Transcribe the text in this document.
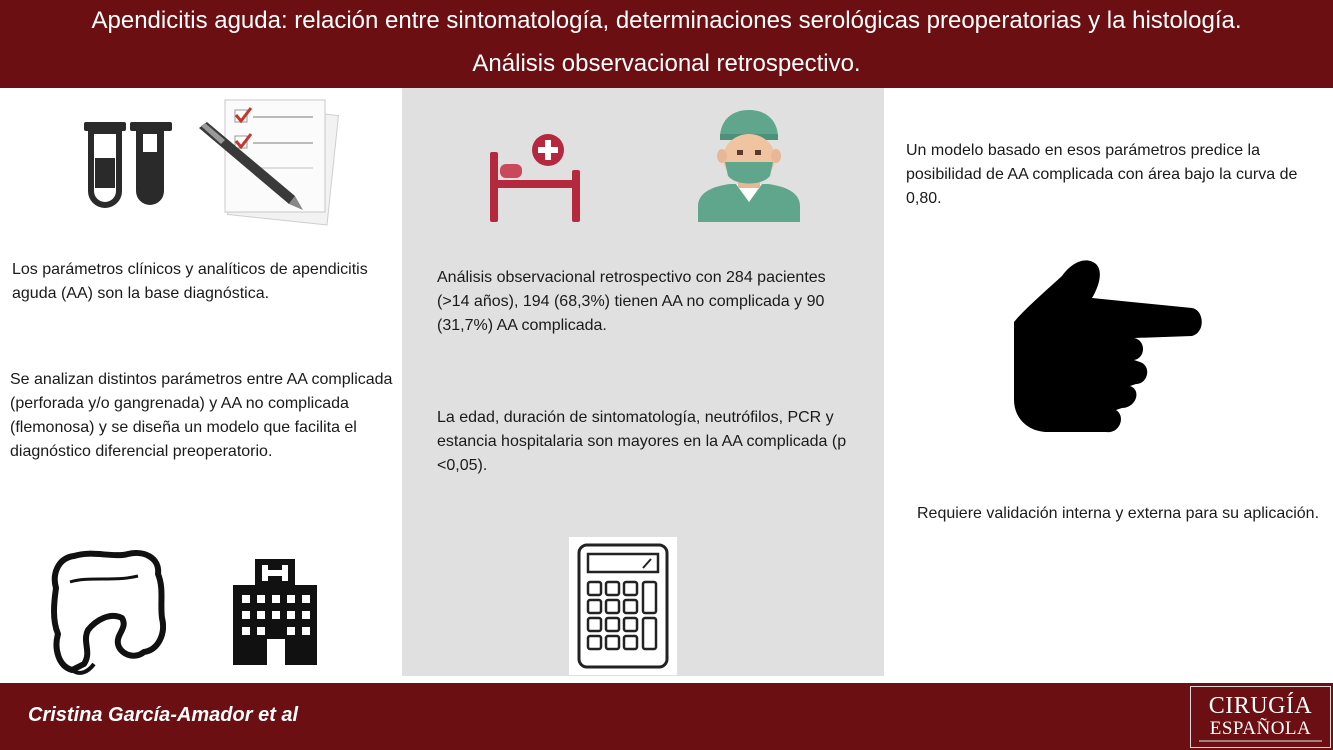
Apendicitis aguda: relación entre sintomatología, determinaciones serológicas preoperatorias y la histología.
Análisis observacional retrospectivo.
Los parámetros clínicos y analíticos de apendicitis aguda (AA) son la base diagnóstica.
Se analizan distintos parámetros entre AA complicada (perforada y/o gangrenada) y AA no complicada (flemonosa) y se diseña un modelo que facilita el diagnóstico diferencial preoperatorio.
Análisis observacional retrospectivo con 284 pacientes (>14 años), 194 (68,3%) tienen AA no complicada y 90 (31,7%) AA complicada.
La edad, duración de sintomatología, neutrófilos, PCR y estancia hospitalaria son mayores en la AA complicada (p <0,05).
Un modelo basado en esos parámetros predice la posibilidad de AA complicada con área bajo la curva de 0,80.
Requiere validación interna y externa para su aplicación.
Cristina García-Amador et al	CIRUGÍA
ESPAÑOLA
